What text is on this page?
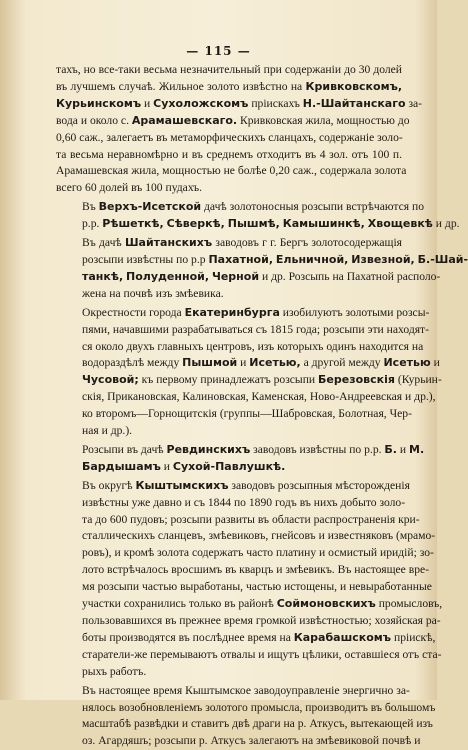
— 115 —

тахъ, но все-таки весьма незначительный при содержанiи до 30 долей
въ лучшемъ случаѣ. Жильное золото извѣстно на Кривковскомъ,
Курьинскомъ и Сухоложскомъ прiискахъ Н.-Шайтанскаго за-
вода и около с. Арамашевскаго. Кривковская жила, мощностью до
0,60 саж., залегаетъ въ метаморфическихъ сланцахъ, содержанiе золо-
та весьма неравномѣрно и въ среднемъ отходитъ въ 4 зол. отъ 100 п.
Арамашевская жила, мощностью не болѣе 0,20 саж., содержала золота
всего 60 долей въ 100 пудахъ.

Въ Верхъ-Исетской дачѣ золотоносныя розсыпи встрѣчаются по
р.р. Рѣшеткѣ, Сѣверкѣ, Пышмѣ, Камышинкѣ, Хвощевкѣ и др.

Въ дачѣ Шайтанскихъ заводовъ г г. Бергъ золотосодержащiя
розсыпи извѣстны по р.р Пахатной, Ельничной, Извезной, Б.-Шай-
танкѣ, Полуденной, Черной и др. Розсыпь на Пахатной располо-
жена на почвѣ изъ змѣевика.

Окрестности города Екатеринбурга изобилуютъ золотыми розсы-
пями, начавшими разрабатываться съ 1815 года; розсыпи эти находят-
ся около двухъ главныхъ центровъ, изъ которыхъ одинъ находится на
водораздѣлѣ между Пышмой и Исетью, а другой между Исетью и
Чусовой; къ первому принадлежатъ розсыпи Березовскiя (Курьин-
скiя, Прикановская, Калиновская, Каменская, Ново-Андреевская и др.),
ко второмъ—Горнощитскiя (группы—Шабровская, Болотная, Чер-
ная и др.).

Розсыпи въ дачѣ Ревдинскихъ заводовъ извѣстны по р.р. Б. и М.
Бардышамъ и Сухой-Павлушкѣ.

Въ округѣ Кыштымскихъ заводовъ розсыпныя мѣсторожденiя
извѣстны уже давно и съ 1844 по 1890 годъ въ нихъ добыто золо-
та до 600 пудовъ; розсыпи развиты въ области распространенiя кри-
сталлическихъ сланцевъ, змѣевиковъ, гнейсовъ и известняковъ (мрамо-
ровъ), и кромѣ золота содержатъ часто платину и осмистый иридiй; зо-
лото встрѣчалось вросшимъ въ кварцъ и змѣевикъ. Въ настоящее вре-
мя розсыпи частью выработаны, частью истощены, и невыработанные
участки сохранились только въ районѣ Соймоновскихъ промысловъ,
пользовавшихся въ прежнее время громкой извѣстностью; хозяйская ра-
боты производятся въ послѣднее время на Карабашскомъ прiискѣ,
старатели-же перемываютъ отвалы и ищутъ цѣлики, оставшiеся отъ ста-
рыхъ работъ.

Въ настоящее время Кыштымское заводоуправленiе энергично за-
нялось возобновленiемъ золотого промысла, производитъ въ большомъ
масштабѣ развѣдки и ставитъ двѣ драги на р. Аткусъ, вытекающей изъ
оз. Агардяшъ; розсыпи р. Аткусъ залегаютъ на змѣевиковой почвѣ и
